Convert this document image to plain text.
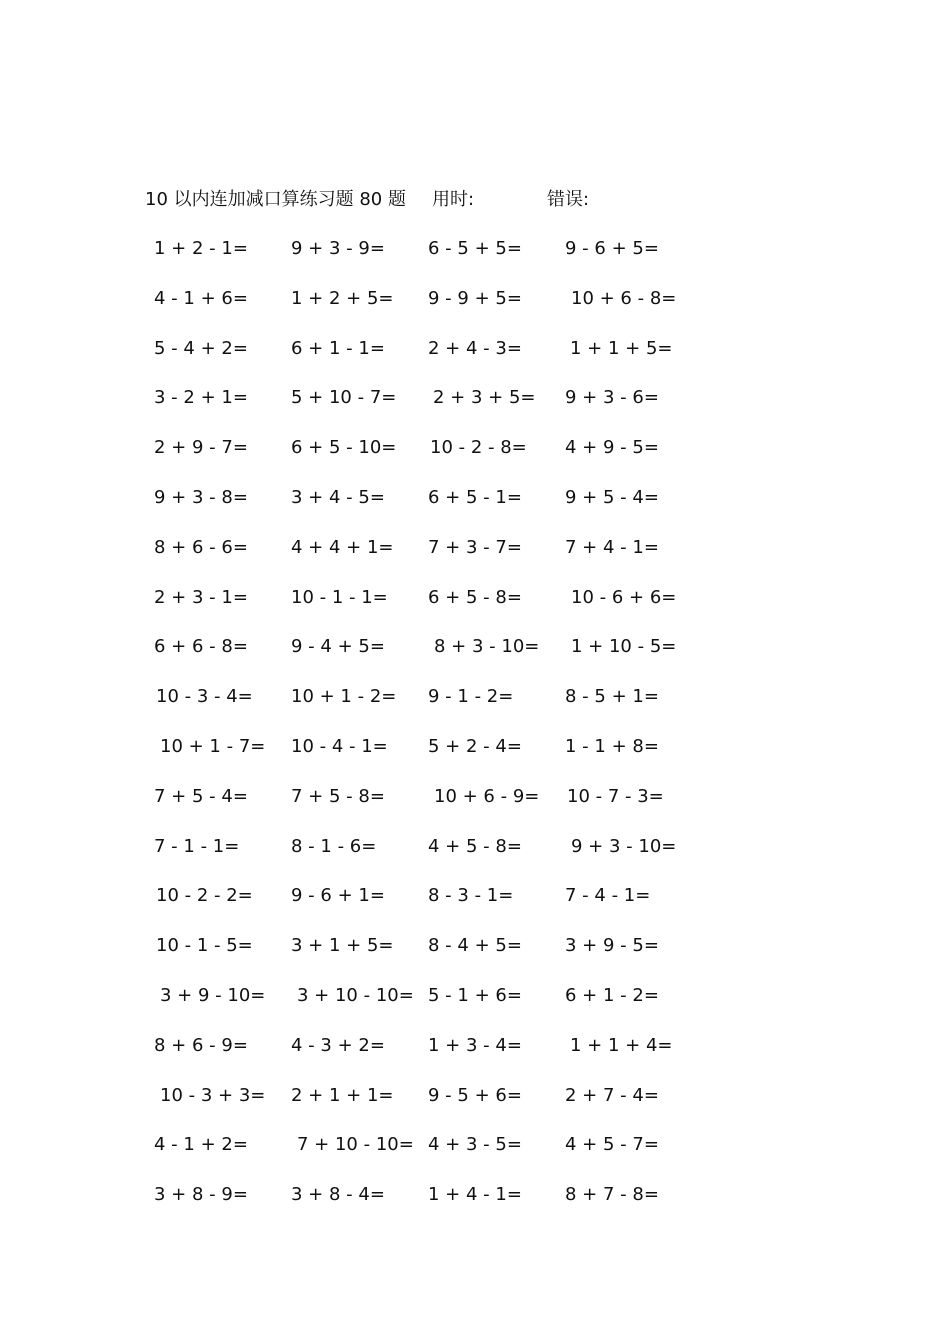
10 以内连加减口算练习题 80 题 用时:	错误:
1 + 2 - 1= 9 + 3 - 9= 6 - 5 + 5= 9 - 6 + 5=
4 - 1 + 6= 1 + 2 + 5= 9 - 9 + 5=	10 + 6 - 8=
5 - 4 + 2= 6 + 1 - 1= 2 + 4 - 3=	1 + 1 + 5=
3 - 2 + 1= 5 + 10 - 7= 2 + 3 + 5= 9 + 3 - 6=
2 + 9 - 7= 6 + 5 - 10= 10 - 2 - 8= 4 + 9 - 5=
9 + 3 - 8= 3 + 4 - 5= 6 + 5 - 1= 9 + 5 - 4=
8 + 6 - 6= 4 + 4 + 1= 7 + 3 - 7= 7 + 4 - 1=
2 + 3 - 1= 10 - 1 - 1= 6 + 5 - 8=	10 - 6 + 6=
6 + 6 - 8= 9 - 4 + 5=	8 + 3 - 10= 1 + 10 - 5=
10 - 3 - 4= 10 + 1 - 2= 9 - 1 - 2=	8 - 5 + 1=
10 + 1 - 7= 10 - 4 - 1= 5 + 2 - 4= 1 - 1 + 8=
7 + 5 - 4= 7 + 5 - 8=	10 + 6 - 9= 10 - 7 - 3=
7 - 1 - 1=	8 - 1 - 6=	4 + 5 - 8=	9 + 3 - 10=
10 - 2 - 2= 9 - 6 + 1= 8 - 3 - 1=	7 - 4 - 1=
10 - 1 - 5= 3 + 1 + 5= 8 - 4 + 5= 3 + 9 - 5=
3 + 9 - 10= 3 + 10 - 10= 5 - 1 + 6= 6 + 1 - 2=
8 + 6 - 9= 4 - 3 + 2= 1 + 3 - 4=	1 + 1 + 4=
10 - 3 + 3= 2 + 1 + 1= 9 - 5 + 6= 2 + 7 - 4=
4 - 1 + 2=	7 + 10 - 10= 4 + 3 - 5= 4 + 5 - 7=
3 + 8 - 9= 3 + 8 - 4= 1 + 4 - 1= 8 + 7 - 8=
